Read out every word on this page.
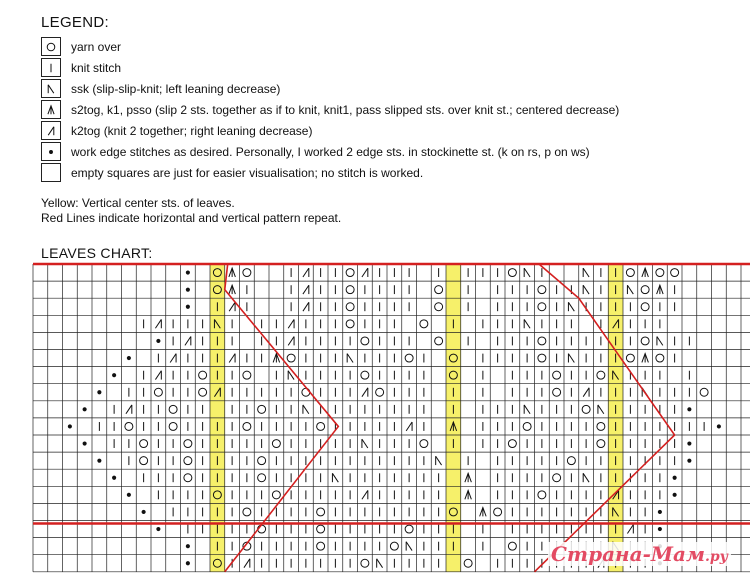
LEGEND:
yarn over
knit stitch
ssk (slip-slip-knit; left leaning decrease)
s2tog, k1, psso (slip 2 sts. together as if to knit, knit1, pass slipped sts. over knit st.; centered decrease)
k2tog (knit 2 together; right leaning decrease)
work edge stitches as desired. Personally, I worked 2 edge sts. in stockinette st. (k on rs, p on ws)
empty squares are just for easier visualisation; no stitch is worked.
Yellow: Vertical center sts. of leaves.
Red Lines indicate horizontal and vertical pattern repeat.
LEAVES CHART:
Страна-Мам.ру
